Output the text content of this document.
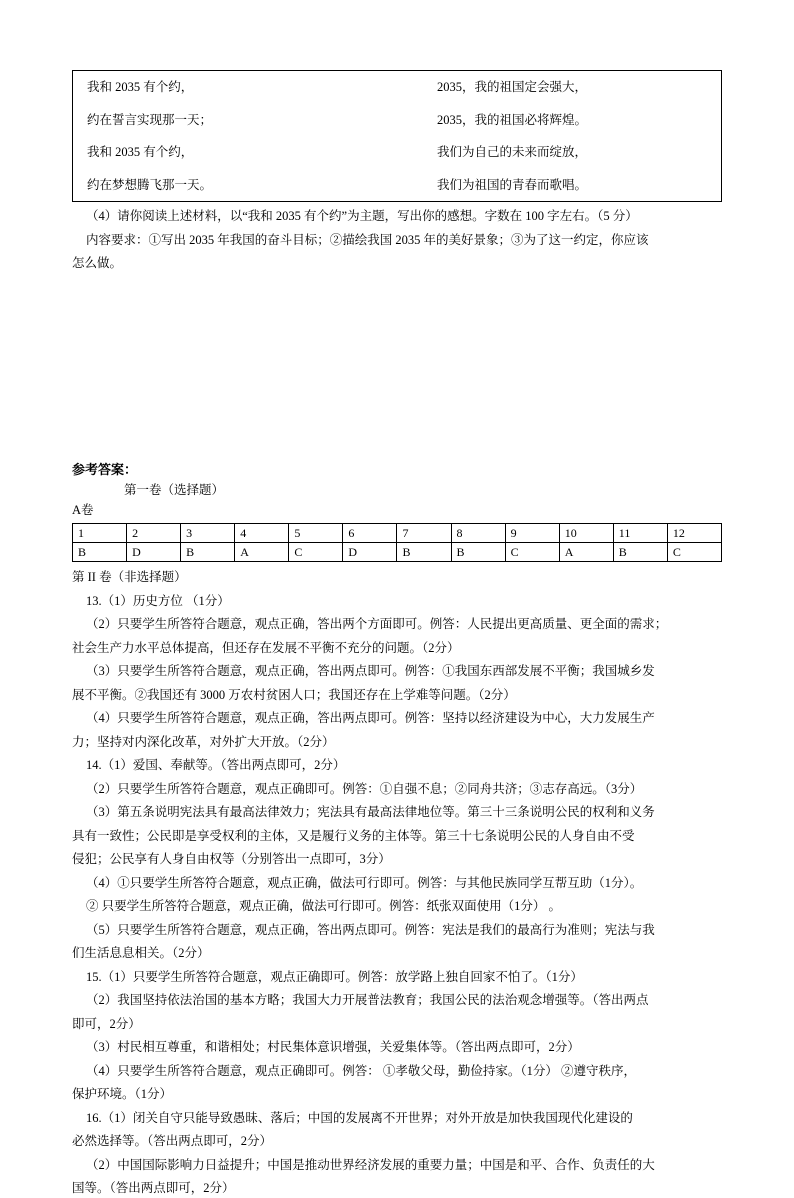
我和 2035 有个约，	2035，我的祖国定会强大，
约在誓言实现那一天；	2035，我的祖国必将辉煌。
我和 2035 有个约，	我们为自己的未来而绽放，
约在梦想腾飞那一天。	我们为祖国的青春而歌唱。

（4）请你阅读上述材料，以“我和 2035 有个约”为主题，写出你的感想。字数在 100 字左右。（5 分）

内容要求：①写出 2035 年我国的奋斗目标；②描绘我国 2035 年的美好景象；③为了这一约定，你应该

怎么做。

参考答案：

第一卷（选择题）

A卷

1	2	3	4	5	6	7	8	9	10	11	12
B	D	B	A	C	D	B	B	C	A	B	C

第 II 卷（非选择题）

13.（1）历史方位 （1分）

（2）只要学生所答符合题意，观点正确，答出两个方面即可。例答：人民提出更高质量、更全面的需求；

社会生产力水平总体提高，但还存在发展不平衡不充分的问题。（2分）

（3）只要学生所答符合题意，观点正确，答出两点即可。例答：①我国东西部发展不平衡；我国城乡发

展不平衡。②我国还有 3000 万农村贫困人口；我国还存在上学难等问题。（2分）

（4）只要学生所答符合题意，观点正确，答出两点即可。例答：坚持以经济建设为中心，大力发展生产

力；坚持对内深化改革，对外扩大开放。（2分）

14.（1）爱国、奉献等。（答出两点即可，2分）

（2）只要学生所答符合题意，观点正确即可。例答：①自强不息；②同舟共济；③志存高远。（3分）

（3）第五条说明宪法具有最高法律效力；宪法具有最高法律地位等。第三十三条说明公民的权利和义务

具有一致性；公民即是享受权利的主体，又是履行义务的主体等。第三十七条说明公民的人身自由不受

侵犯；公民享有人身自由权等（分别答出一点即可，3分）

（4）①只要学生所答符合题意，观点正确，做法可行即可。例答：与其他民族同学互帮互助（1分）。

② 只要学生所答符合题意，观点正确，做法可行即可。例答：纸张双面使用（1分） 。

（5）只要学生所答符合题意，观点正确，答出两点即可。例答：宪法是我们的最高行为准则；宪法与我

们生活息息相关。（2分）

15.（1）只要学生所答符合题意，观点正确即可。例答：放学路上独自回家不怕了。（1分）

（2）我国坚持依法治国的基本方略；我国大力开展普法教育；我国公民的法治观念增强等。（答出两点

即可，2分）

（3）村民相互尊重，和谐相处；村民集体意识增强，关爱集体等。（答出两点即可，2分）

（4）只要学生所答符合题意，观点正确即可。例答： ①孝敬父母，勤俭持家。（1分） ②遵守秩序，

保护环境。（1分）

16.（1）闭关自守只能导致愚昧、落后；中国的发展离不开世界；对外开放是加快我国现代化建设的

必然选择等。（答出两点即可，2分）

（2）中国国际影响力日益提升；中国是推动世界经济发展的重要力量；中国是和平、合作、负责任的大

国等。（答出两点即可，2分）
